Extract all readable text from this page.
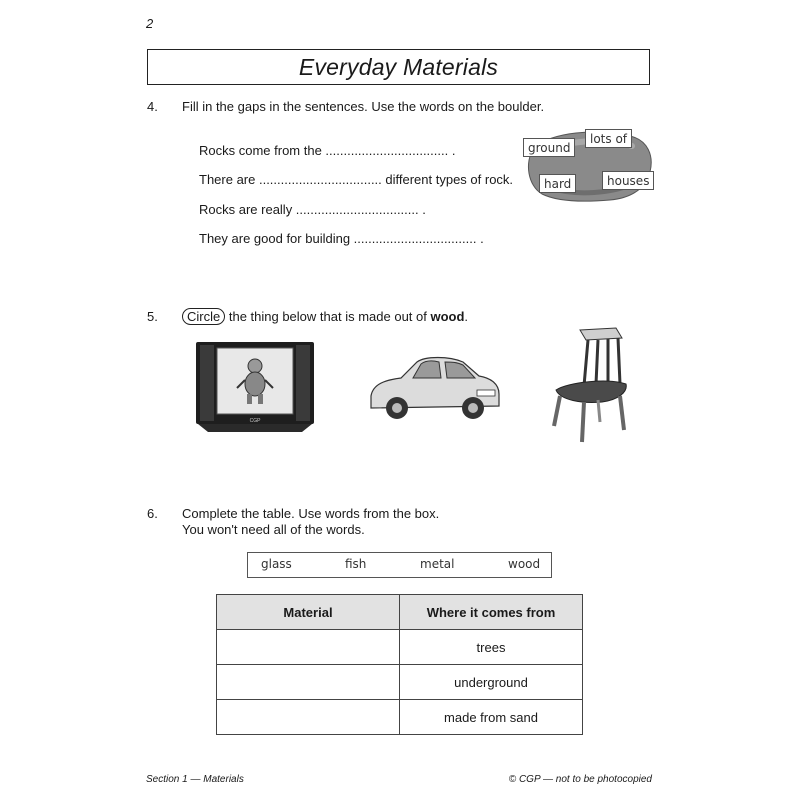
2
Everyday Materials
4. Fill in the gaps in the sentences. Use the words on the boulder.
Rocks come from the .................................. .
There are .................................. different types of rock.
Rocks are really .................................. .
They are good for building .................................. .
ground
lots of
hard	houses
5. Circle the thing below that is made out of wood.
CGP
6. Complete the table. Use words from the box.
You won't need all of the words.
glass	fish	metal	wood
Material	Where it comes from
	trees
	underground
	made from sand
Section 1 — Materials	© CGP — not to be photocopied
